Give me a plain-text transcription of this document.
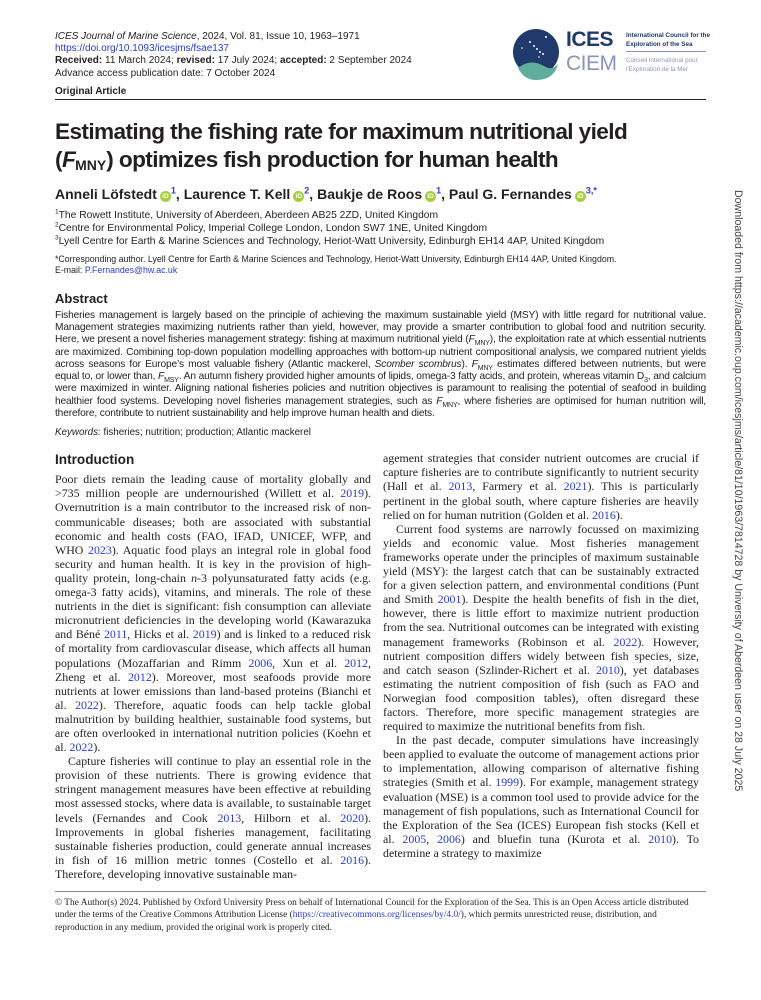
ICES Journal of Marine Science, 2024, Vol. 81, Issue 10, 1963–1971
https://doi.org/10.1093/icesjms/fsae137
Received: 11 March 2024; revised: 17 July 2024; accepted: 2 September 2024
Advance access publication date: 7 October 2024
Original Article
ICES
CIEM
International Council for the Exploration of the Sea
Conseil International pour l'Exploration de la Mer
Estimating the fishing rate for maximum nutritional yield
$(F_{MNY})$ optimizes fish production for human health
Anneli Löfstedt $iD^1$, Laurence T. Kell $iD^2$, Baukje de Roos $iD^1$, Paul G. Fernandes $iD^{3,*}$
$^1$The Rowett Institute, University of Aberdeen, Aberdeen AB25 2ZD, United Kingdom
$^2$Centre for Environmental Policy, Imperial College London, London SW7 1NE, United Kingdom
$^3$Lyell Centre for Earth & Marine Sciences and Technology, Heriot-Watt University, Edinburgh EH14 4AP, United Kingdom
*Corresponding author. Lyell Centre for Earth & Marine Sciences and Technology, Heriot-Watt University, Edinburgh EH14 4AP, United Kingdom.
E-mail: P.Fernandes@hw.ac.uk
Abstract
Fisheries management is largely based on the principle of achieving the maximum sustainable yield (MSY) with little regard for nutritional value. Management strategies maximizing nutrients rather than yield, however, may provide a smarter contribution to global food and nutrition security. Here, we present a novel fisheries management strategy: fishing at maximum nutritional yield $(F_{MNY})$, the exploitation rate at which essential nutrients are maximized. Combining top-down population modelling approaches with bottom-up nutrient compositional analysis, we compared nutrient yields across seasons for Europe’s most valuable fishery (Atlantic mackerel, Scomber scombrus). $F_{MNY}$ estimates differed between nutrients, but were equal to, or lower than, $F_{MSY}$. An autumn fishery provided higher amounts of lipids, omega-3 fatty acids, and protein, whereas vitamin $D_3$, and calcium were maximized in winter. Aligning national fisheries policies and nutrition objectives is paramount to realising the potential of seafood in building healthier food systems. Developing novel fisheries management strategies, such as $F_{MNY}$, where fisheries are optimised for human nutrition will, therefore, contribute to nutrient sustainability and help improve human health and diets.
Keywords: fisheries; nutrition; production; Atlantic mackerel
Introduction

Poor diets remain the leading cause of mortality globally and >735 million people are undernourished (Willett et al. 2019). Overnutrition is a main contributor to the increased risk of non-communicable diseases; both are associated with substantial economic and health costs (FAO, IFAD, UNICEF, WFP, and WHO 2023). Aquatic food plays an integral role in global food security and human health. It is key in the provision of high-quality protein, long-chain n-3 polyunsaturated fatty acids (e.g. omega-3 fatty acids), vitamins, and minerals. The role of these nutrients in the diet is significant: fish consumption can alleviate micronutrient deficiencies in the developing world (Kawarazuka and Béné 2011, Hicks et al. 2019) and is linked to a reduced risk of mortality from cardiovascular disease, which affects all human populations (Mozaffarian and Rimm 2006, Xun et al. 2012, Zheng et al. 2012). Moreover, most seafoods provide more nutrients at lower emissions than land-based proteins (Bianchi et al. 2022). Therefore, aquatic foods can help tackle global malnutrition by building healthier, sustainable food systems, but are often overlooked in international nutrition policies (Koehn et al. 2022).

Capture fisheries will continue to play an essential role in the provision of these nutrients. There is growing evidence that stringent management measures have been effective at rebuilding most assessed stocks, where data is available, to sustainable target levels (Fernandes and Cook 2013, Hilborn et al. 2020). Improvements in global fisheries management, facilitating sustainable fisheries production, could generate annual increases in fish of 16 million metric tonnes (Costello et al. 2016). Therefore, developing innovative sustainable man-

agement strategies that consider nutrient outcomes are crucial if capture fisheries are to contribute significantly to nutrient security (Hall et al. 2013, Farmery et al. 2021). This is particularly pertinent in the global south, where capture fisheries are heavily relied on for human nutrition (Golden et al. 2016).

Current food systems are narrowly focussed on maximizing yields and economic value. Most fisheries management frameworks operate under the principles of maximum sustainable yield (MSY): the largest catch that can be sustainably extracted for a given selection pattern, and environmental conditions (Punt and Smith 2001). Despite the health benefits of fish in the diet, however, there is little effort to maximize nutrient production from the sea. Nutritional outcomes can be integrated with existing management frameworks (Robinson et al. 2022). However, nutrient composition differs widely between fish species, size, and catch season (Szlinder-Richert et al. 2010), yet databases estimating the nutrient composition of fish (such as FAO and Norwegian food composition tables), often disregard these factors. Therefore, more specific management strategies are required to maximize the nutritional benefits from fish.

In the past decade, computer simulations have increasingly been applied to evaluate the outcome of management actions prior to implementation, allowing comparison of alternative fishing strategies (Smith et al. 1999). For example, management strategy evaluation (MSE) is a common tool used to provide advice for the management of fish populations, such as International Council for the Exploration of the Sea (ICES) European fish stocks (Kell et al. 2005, 2006) and bluefin tuna (Kurota et al. 2010). To determine a strategy to maximize

© The Author(s) 2024. Published by Oxford University Press on behalf of International Council for the Exploration of the Sea. This is an Open Access article distributed under the terms of the Creative Commons Attribution License (https://creativecommons.org/licenses/by/4.0/), which permits unrestricted reuse, distribution, and reproduction in any medium, provided the original work is properly cited.
Downloaded from https://academic.oup.com/icesjms/article/81/10/1963/7814728 by University of Aberdeen user on 28 July 2025
